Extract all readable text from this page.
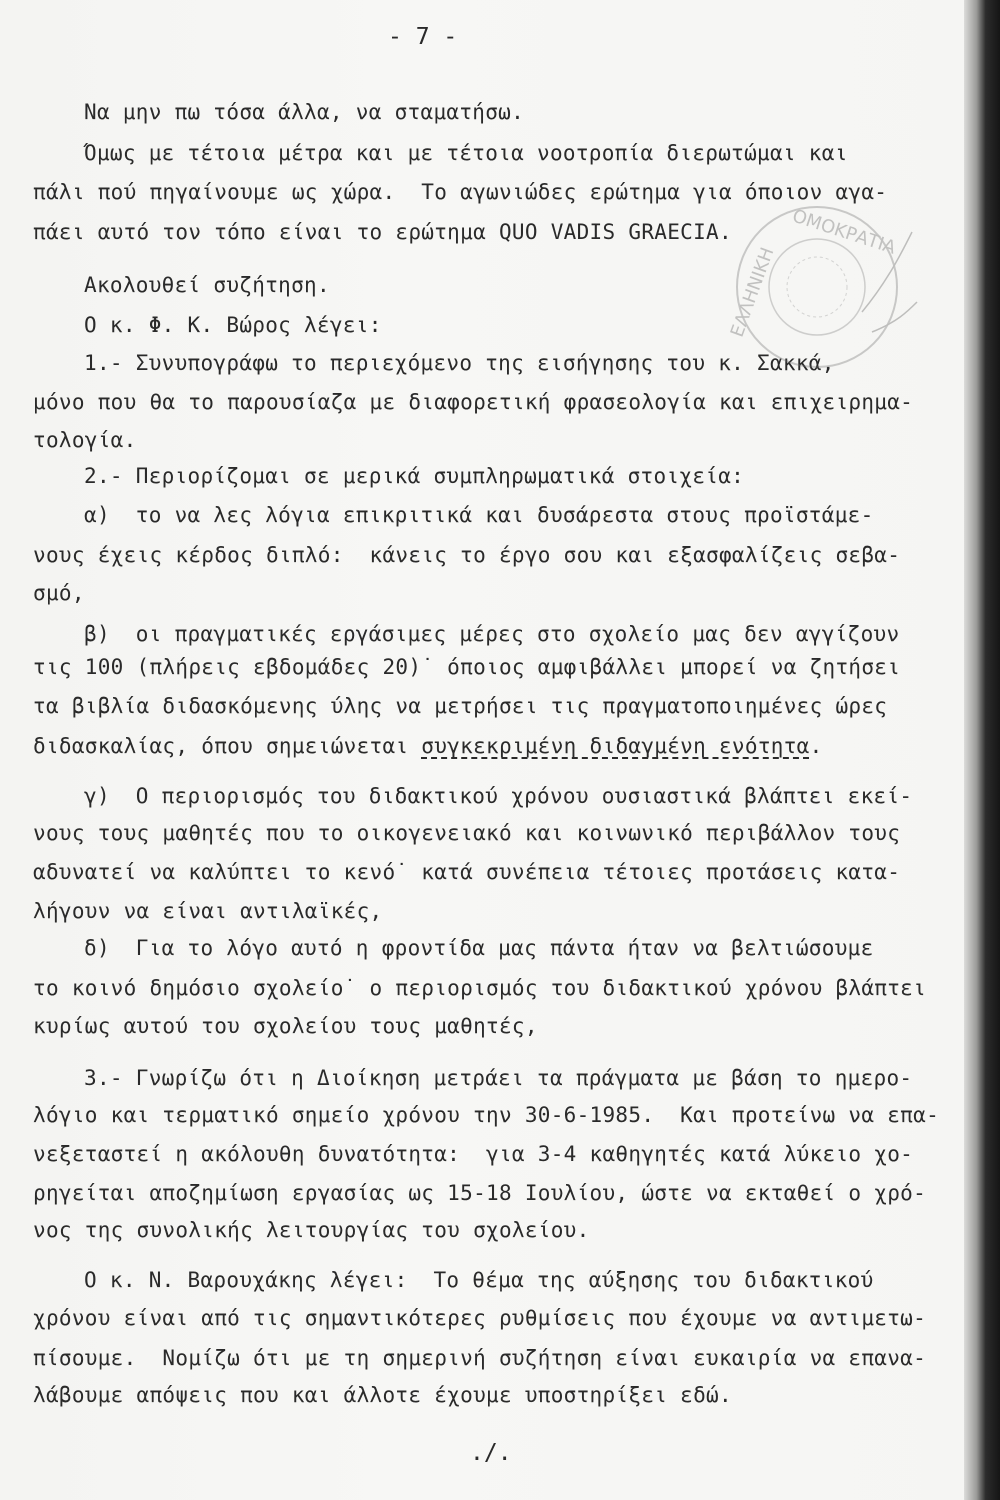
- 7 -
Να μην πω τόσα άλλα, να σταματήσω.
Όμως με τέτοια μέτρα και με τέτοια νοοτροπία διερωτώμαι και
πάλι πού πηγαίνουμε ως χώρα.  Το αγωνιώδες ερώτημα για όποιον αγα-
πάει αυτό τον τόπο είναι το ερώτημα QUO VADIS GRAECIA.
Ακολουθεί συζήτηση.
Ο κ. Φ. Κ. Βώρος λέγει:
1.- Συνυπογράφω το περιεχόμενο της εισήγησης του κ. Σακκά,
μόνο που θα το παρουσίαζα με διαφορετική φρασεολογία και επιχειρημα-
τολογία.
2.- Περιορίζομαι σε μερικά συμπληρωματικά στοιχεία:
α)  το να λες λόγια επικριτικά και δυσάρεστα στους προϊστάμε-
νους έχεις κέρδος διπλό:  κάνεις το έργο σου και εξασφαλίζεις σεβα-
σμό,
β)  οι πραγματικές εργάσιμες μέρες στο σχολείο μας δεν αγγίζουν
τις 100 (πλήρεις εβδομάδες 20)˙ όποιος αμφιβάλλει μπορεί να ζητήσει
τα βιβλία διδασκόμενης ύλης να μετρήσει τις πραγματοποιημένες ώρες
διδασκαλίας, όπου σημειώνεται συγκεκριμένη διδαγμένη ενότητα.
γ)  Ο περιορισμός του διδακτικού χρόνου ουσιαστικά βλάπτει εκεί-
νους τους μαθητές που το οικογενειακό και κοινωνικό περιβάλλον τους
αδυνατεί να καλύπτει το κενό˙ κατά συνέπεια τέτοιες προτάσεις κατα-
λήγουν να είναι αντιλαϊκές,
δ)  Για το λόγο αυτό η φροντίδα μας πάντα ήταν να βελτιώσουμε
το κοινό δημόσιο σχολείο˙ ο περιορισμός του διδακτικού χρόνου βλάπτει
κυρίως αυτού του σχολείου τους μαθητές,
3.- Γνωρίζω ότι η Διοίκηση μετράει τα πράγματα με βάση το ημερο-
λόγιο και τερματικό σημείο χρόνου την 30-6-1985.  Και προτείνω να επα-
νεξεταστεί η ακόλουθη δυνατότητα:  για 3-4 καθηγητές κατά λύκειο χο-
ρηγείται αποζημίωση εργασίας ως 15-18 Ιουλίου, ώστε να εκταθεί ο χρό-
νος της συνολικής λειτουργίας του σχολείου.
Ο κ. Ν. Βαρουχάκης λέγει:  Το θέμα της αύξησης του διδακτικού
χρόνου είναι από τις σημαντικότερες ρυθμίσεις που έχουμε να αντιμετω-
πίσουμε.  Νομίζω ότι με τη σημερινή συζήτηση είναι ευκαιρία να επανα-
λάβουμε απόψεις που και άλλοτε έχουμε υποστηρίξει εδώ.
./.
ΟΜΟΚΡΑΤΙΑ
ΕΛΛΗΝΙΚΗ
